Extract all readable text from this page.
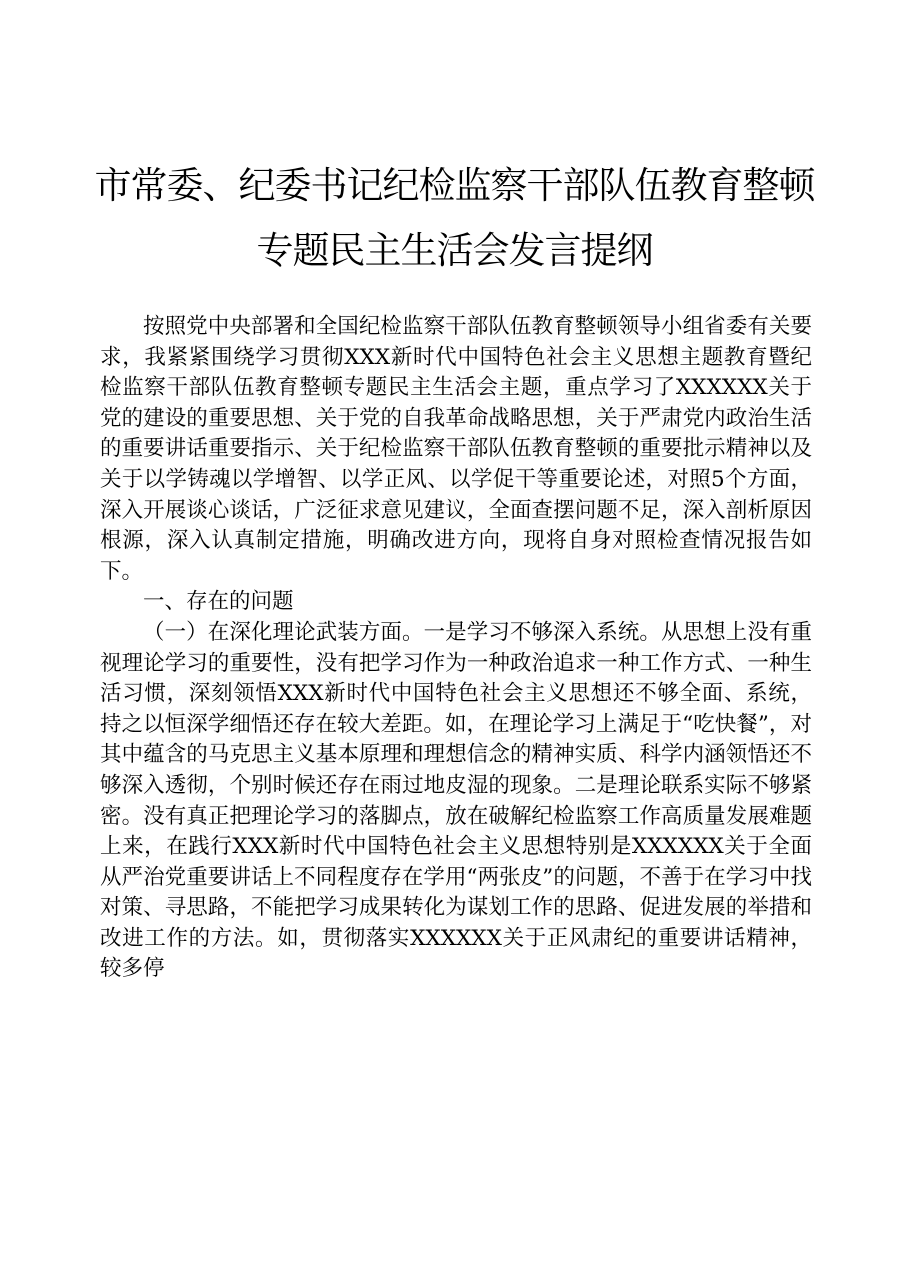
市常委、纪委书记纪检监察干部队伍教育整顿
专题民主生活会发言提纲

按照党中央部署和全国纪检监察干部队伍教育整顿领导小组省委有关要求，我紧紧围绕学习贯彻XXX新时代中国特色社会主义思想主题教育暨纪检监察干部队伍教育整顿专题民主生活会主题，重点学习了XXXXXX关于党的建设的重要思想、关于党的自我革命战略思想，关于严肃党内政治生活的重要讲话重要指示、关于纪检监察干部队伍教育整顿的重要批示精神以及关于以学铸魂以学增智、以学正风、以学促干等重要论述，对照5个方面，深入开展谈心谈话，广泛征求意见建议，全面查摆问题不足，深入剖析原因根源，深入认真制定措施，明确改进方向，现将自身对照检查情况报告如下。

一、存在的问题

（一）在深化理论武装方面。一是学习不够深入系统。从思想上没有重视理论学习的重要性，没有把学习作为一种政治追求一种工作方式、一种生活习惯，深刻领悟XXX新时代中国特色社会主义思想还不够全面、系统，持之以恒深学细悟还存在较大差距。如，在理论学习上满足于“吃快餐”，对其中蕴含的马克思主义基本原理和理想信念的精神实质、科学内涵领悟还不够深入透彻，个别时候还存在雨过地皮湿的现象。二是理论联系实际不够紧密。没有真正把理论学习的落脚点，放在破解纪检监察工作高质量发展难题上来，在践行XXX新时代中国特色社会主义思想特别是XXXXXX关于全面从严治党重要讲话上不同程度存在学用“两张皮”的问题，不善于在学习中找对策、寻思路，不能把学习成果转化为谋划工作的思路、促进发展的举措和改进工作的方法。如，贯彻落实XXXXXX关于正风肃纪的重要讲话精神，较多停
